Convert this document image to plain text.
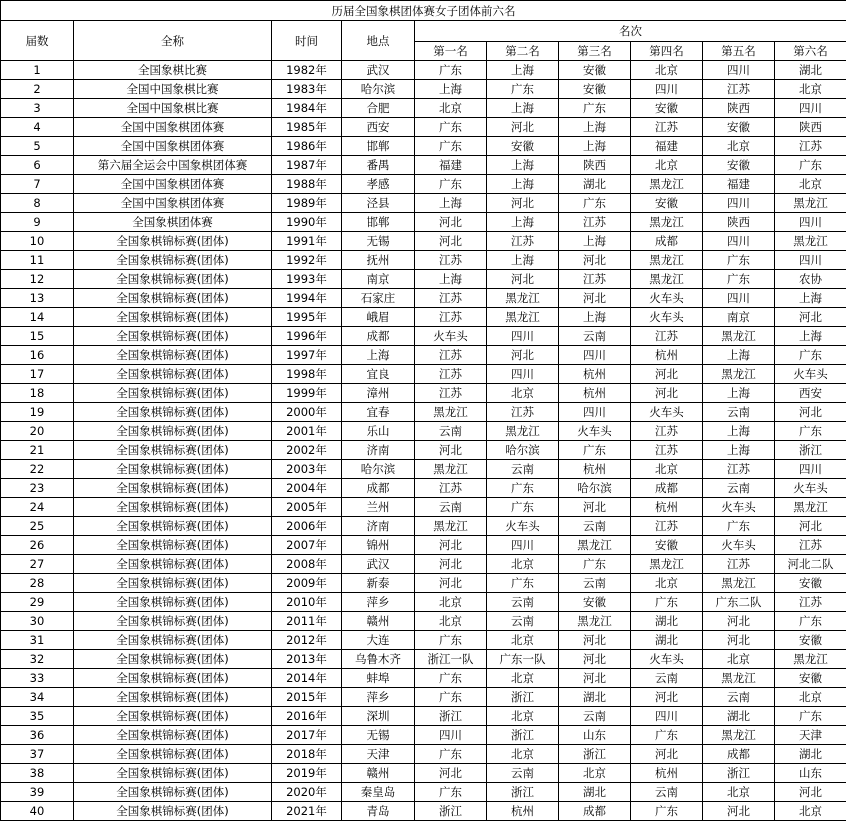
历届全国象棋团体赛女子团体前六名									
届数	全称	时间	地点	名次					
				第一名	第二名	第三名	第四名	第五名	第六名
1	全国象棋比赛	1982年	武汉	广东	上海	安徽	北京	四川	湖北
2	全国中国象棋比赛	1983年	哈尔滨	上海	广东	安徽	四川	江苏	北京
3	全国中国象棋比赛	1984年	合肥	北京	上海	广东	安徽	陕西	四川
4	全国中国象棋团体赛	1985年	西安	广东	河北	上海	江苏	安徽	陕西
5	全国中国象棋团体赛	1986年	邯郸	广东	安徽	上海	福建	北京	江苏
6	第六届全运会中国象棋团体赛	1987年	番禺	福建	上海	陕西	北京	安徽	广东
7	全国中国象棋团体赛	1988年	孝感	广东	上海	湖北	黑龙江	福建	北京
8	全国中国象棋团体赛	1989年	泾县	上海	河北	广东	安徽	四川	黑龙江
9	全国象棋团体赛	1990年	邯郸	河北	上海	江苏	黑龙江	陕西	四川
10	全国象棋锦标赛(团体)	1991年	无锡	河北	江苏	上海	成都	四川	黑龙江
11	全国象棋锦标赛(团体)	1992年	抚州	江苏	上海	河北	黑龙江	广东	四川
12	全国象棋锦标赛(团体)	1993年	南京	上海	河北	江苏	黑龙江	广东	农协
13	全国象棋锦标赛(团体)	1994年	石家庄	江苏	黑龙江	河北	火车头	四川	上海
14	全国象棋锦标赛(团体)	1995年	峨眉	江苏	黑龙江	上海	火车头	南京	河北
15	全国象棋锦标赛(团体)	1996年	成都	火车头	四川	云南	江苏	黑龙江	上海
16	全国象棋锦标赛(团体)	1997年	上海	江苏	河北	四川	杭州	上海	广东
17	全国象棋锦标赛(团体)	1998年	宜良	江苏	四川	杭州	河北	黑龙江	火车头
18	全国象棋锦标赛(团体)	1999年	漳州	江苏	北京	杭州	河北	上海	西安
19	全国象棋锦标赛(团体)	2000年	宜春	黑龙江	江苏	四川	火车头	云南	河北
20	全国象棋锦标赛(团体)	2001年	乐山	云南	黑龙江	火车头	江苏	上海	广东
21	全国象棋锦标赛(团体)	2002年	济南	河北	哈尔滨	广东	江苏	上海	浙江
22	全国象棋锦标赛(团体)	2003年	哈尔滨	黑龙江	云南	杭州	北京	江苏	四川
23	全国象棋锦标赛(团体)	2004年	成都	江苏	广东	哈尔滨	成都	云南	火车头
24	全国象棋锦标赛(团体)	2005年	兰州	云南	广东	河北	杭州	火车头	黑龙江
25	全国象棋锦标赛(团体)	2006年	济南	黑龙江	火车头	云南	江苏	广东	河北
26	全国象棋锦标赛(团体)	2007年	锦州	河北	四川	黑龙江	安徽	火车头	江苏
27	全国象棋锦标赛(团体)	2008年	武汉	河北	北京	广东	黑龙江	江苏	河北二队
28	全国象棋锦标赛(团体)	2009年	新泰	河北	广东	云南	北京	黑龙江	安徽
29	全国象棋锦标赛(团体)	2010年	萍乡	北京	云南	安徽	广东	广东二队	江苏
30	全国象棋锦标赛(团体)	2011年	赣州	北京	云南	黑龙江	湖北	河北	广东
31	全国象棋锦标赛(团体)	2012年	大连	广东	北京	河北	湖北	河北	安徽
32	全国象棋锦标赛(团体)	2013年	乌鲁木齐	浙江一队	广东一队	河北	火车头	北京	黑龙江
33	全国象棋锦标赛(团体)	2014年	蚌埠	广东	北京	河北	云南	黑龙江	安徽
34	全国象棋锦标赛(团体)	2015年	萍乡	广东	浙江	湖北	河北	云南	北京
35	全国象棋锦标赛(团体)	2016年	深圳	浙江	北京	云南	四川	湖北	广东
36	全国象棋锦标赛(团体)	2017年	无锡	四川	浙江	山东	广东	黑龙江	天津
37	全国象棋锦标赛(团体)	2018年	天津	广东	北京	浙江	河北	成都	湖北
38	全国象棋锦标赛(团体)	2019年	赣州	河北	云南	北京	杭州	浙江	山东
39	全国象棋锦标赛(团体)	2020年	秦皇岛	广东	浙江	湖北	云南	北京	河北
40	全国象棋锦标赛(团体)	2021年	青岛	浙江	杭州	成都	广东	河北	北京
